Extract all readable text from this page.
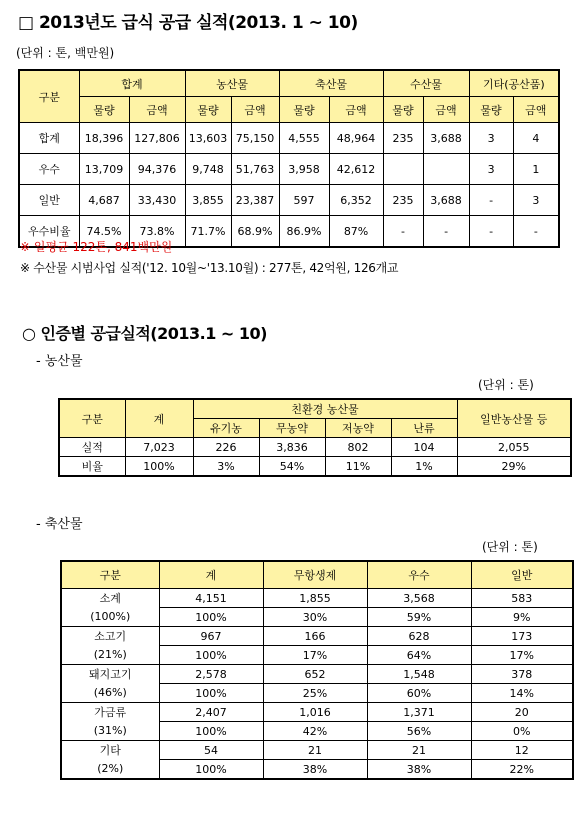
□ 2013년도 급식 공급 실적(2013. 1 ~ 10)
(단위 : 톤, 백만원)
구분	합계		농산물		축산물		수산물		기타(공산품)	
	물량	금액	물량	금액	물량	금액	물량	금액	물량	금액
합계	18,396	127,806	13,603	75,150	4,555	48,964	235	3,688	3	4
우수	13,709	94,376	9,748	51,763	3,958	42,612			3	1
일반	4,687	33,430	3,855	23,387	597	6,352	235	3,688	-	3
우수비율	74.5%	73.8%	71.7%	68.9%	86.9%	87%	-	-	-	-
※ 일평균 122톤, 841백만원
※ 수산물 시범사업 실적('12. 10월~'13.10월) : 277톤, 42억원, 126개교
○ 인증별 공급실적(2013.1 ~ 10)
- 농산물
(단위 : 톤)
구분	계	친환경 농산물				일반농산물 등
		유기농	무농약	저농약	난류	
실적	7,023	226	3,836	802	104	2,055
비율	100%	3%	54%	11%	1%	29%
- 축산물
(단위 : 톤)
구분	계	무항생제	우수	일반
소계	4,151	1,855	3,568	583
(100%)	100%	30%	59%	9%
소고기	967	166	628	173
(21%)	100%	17%	64%	17%
돼지고기	2,578	652	1,548	378
(46%)	100%	25%	60%	14%
가금류	2,407	1,016	1,371	20
(31%)	100%	42%	56%	0%
기타	54	21	21	12
(2%)	100%	38%	38%	22%
